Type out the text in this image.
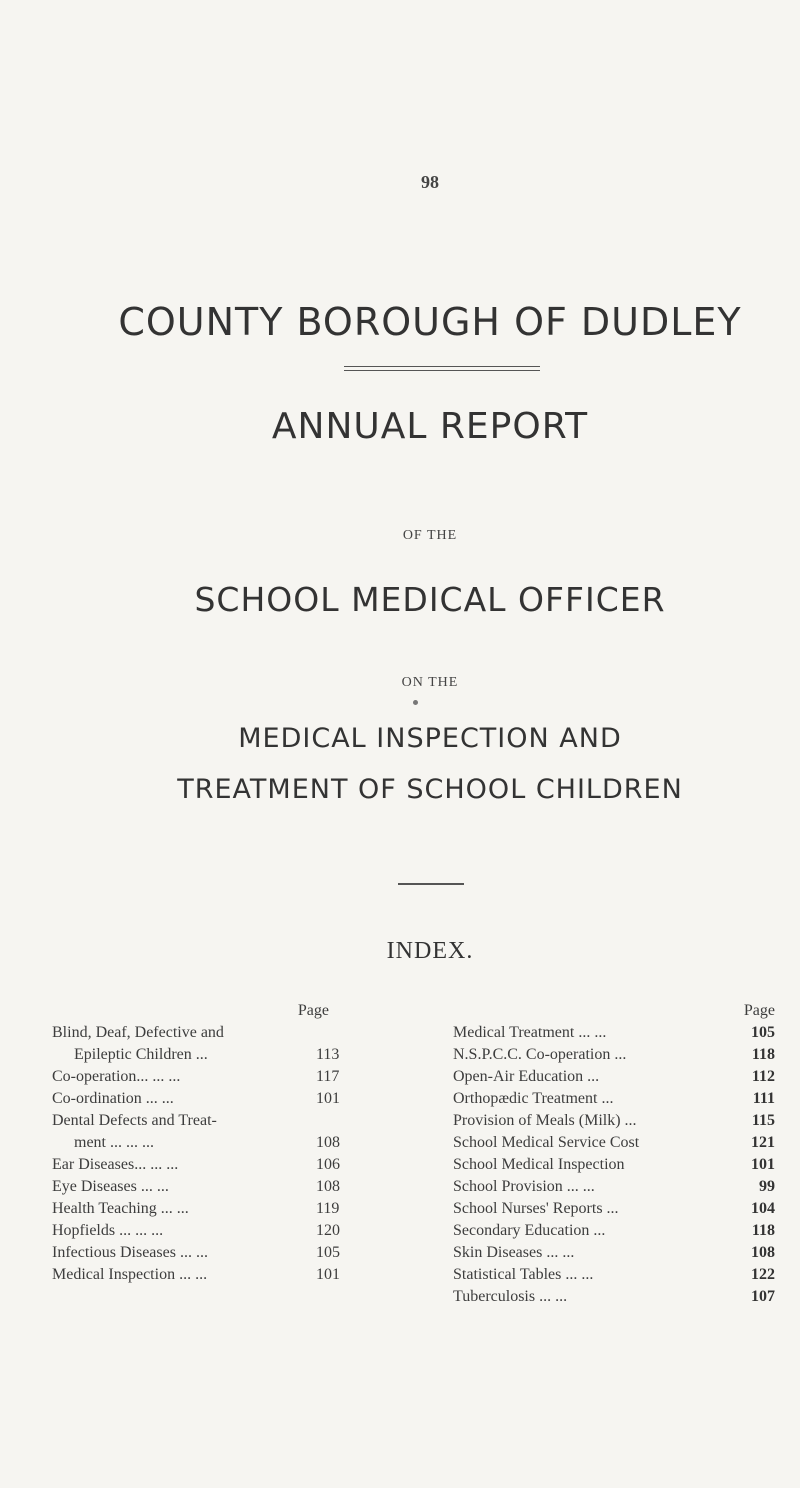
98
COUNTY BOROUGH OF DUDLEY
ANNUAL REPORT
OF THE
SCHOOL MEDICAL OFFICER
ON THE
MEDICAL INSPECTION AND
TREATMENT OF SCHOOL CHILDREN
INDEX.
Page
Blind, Deaf, Defective and
Epileptic Children ...	113
Co-operation... ... ...	117
Co-ordination ... ...	101
Dental Defects and Treat-
ment ... ... ...	108
Ear Diseases... ... ...	106
Eye Diseases ... ...	108
Health Teaching ... ...	119
Hopfields ... ... ...	120
Infectious Diseases ... ...	105
Medical Inspection ... ...	101
Page
Medical Treatment ... ...	105
N.S.P.C.C. Co-operation ...	118
Open-Air Education ...	112
Orthopædic Treatment ...	111
Provision of Meals (Milk) ...	115
School Medical Service Cost	121
School Medical Inspection	101
School Provision ... ...	99
School Nurses' Reports ...	104
Secondary Education ...	118
Skin Diseases ... ...	108
Statistical Tables ... ...	122
Tuberculosis ... ...	107
